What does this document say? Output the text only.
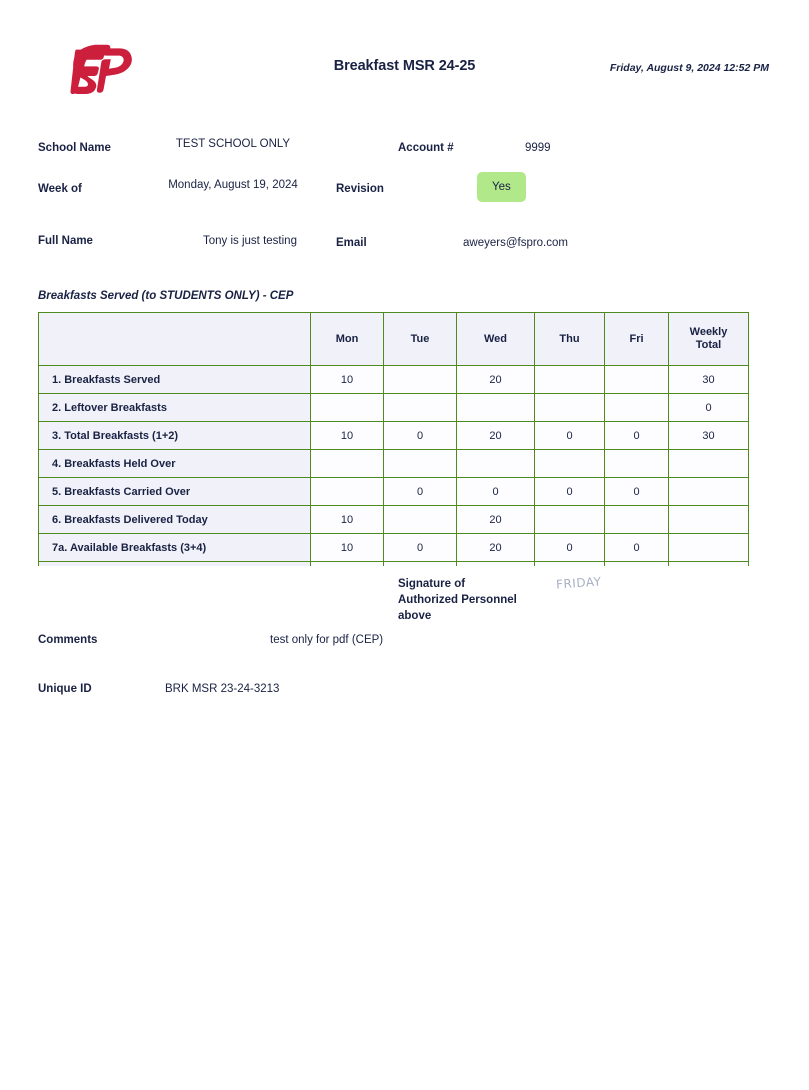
Breakfast MSR 24-25	Friday, August 9, 2024 12:52 PM
School Name	TEST SCHOOL ONLY	Account #	9999
Week of	Monday, August 19, 2024	Revision	Yes
Full Name	Tony is just testing	Email	aweyers@fspro.com
Breakfasts Served (to STUDENTS ONLY) - CEP
	Mon	Tue	Wed	Thu	Fri	Weekly
Total
1. Breakfasts Served	10		20			30
2. Leftover Breakfasts						0
3. Total Breakfasts (1+2)	10	0	20	0	0	30
4. Breakfasts Held Over						
5. Breakfasts Carried Over		0	0	0	0	
6. Breakfasts Delivered Today	10		20			
7a. Available Breakfasts (3+4)	10	0	20	0	0	

Signature of
Authorized Personnel
above
FRIDAY
Comments	test only for pdf (CEP)
Unique ID	BRK MSR 23-24-3213
